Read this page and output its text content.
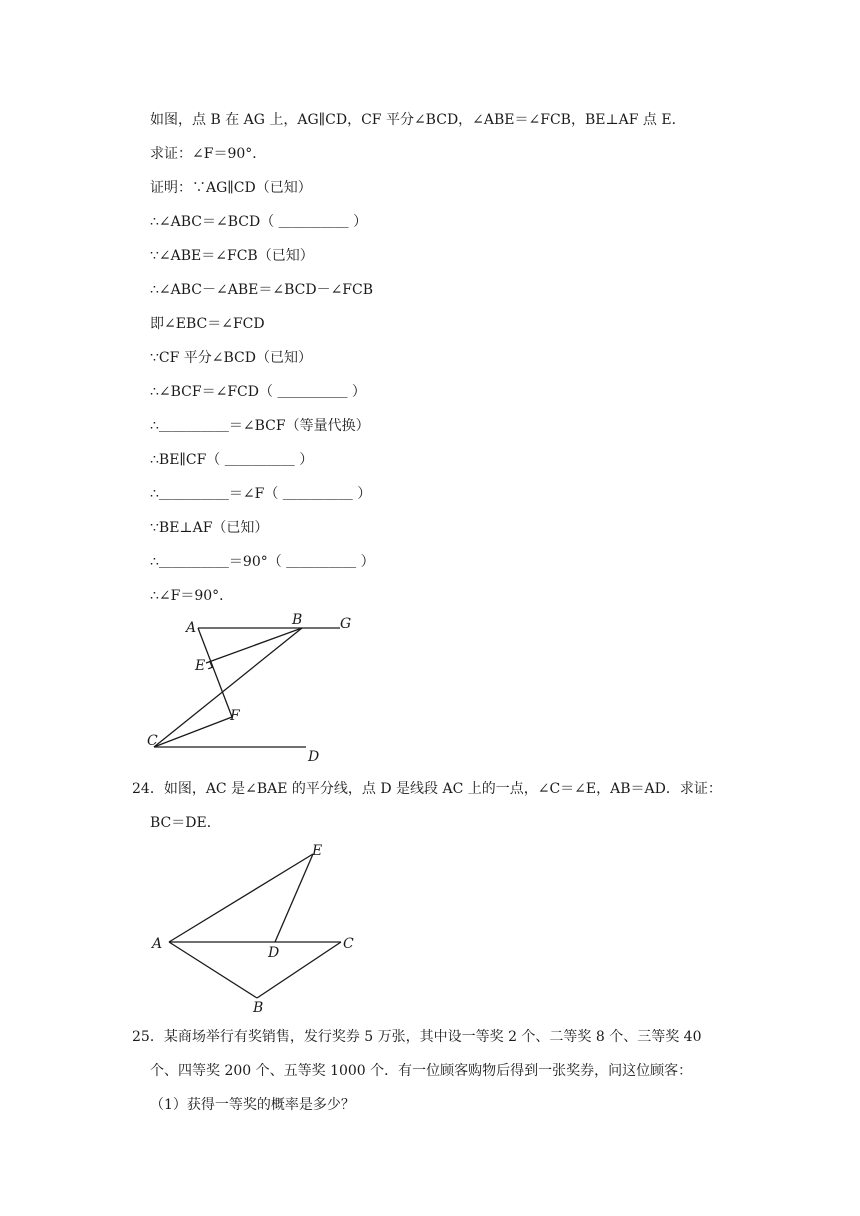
如图，点 B 在 AG 上，AG∥CD，CF 平分∠BCD，∠ABE＝∠FCB，BE⊥AF 点 E．
求证：∠F＝90°．
证明：∵AG∥CD（已知）
∴∠ABC＝∠BCD（ ＿＿＿＿＿ ）
∵∠ABE＝∠FCB（已知）
∴∠ABC－∠ABE＝∠BCD－∠FCB
即∠EBC＝∠FCD
∵CF 平分∠BCD（已知）
∴∠BCF＝∠FCD（ ＿＿＿＿＿ ）
∴＿＿＿＿＿＝∠BCF（等量代换）
∴BE∥CF（ ＿＿＿＿＿ ）
∴＿＿＿＿＿＝∠F（ ＿＿＿＿＿ ）
∵BE⊥AF（已知）
∴＿＿＿＿＿＝90°（ ＿＿＿＿＿ ）
∴∠F＝90°．
A	B	G
E
F
C
D
24．如图，AC 是∠BAE 的平分线，点 D 是线段 AC 上的一点，∠C＝∠E，AB＝AD．求证：
BC＝DE．
E
A
D
C
B
25．某商场举行有奖销售，发行奖券 5 万张，其中设一等奖 2 个、二等奖 8 个、三等奖 40
个、四等奖 200 个、五等奖 1000 个．有一位顾客购物后得到一张奖券，问这位顾客：
（1）获得一等奖的概率是多少？
